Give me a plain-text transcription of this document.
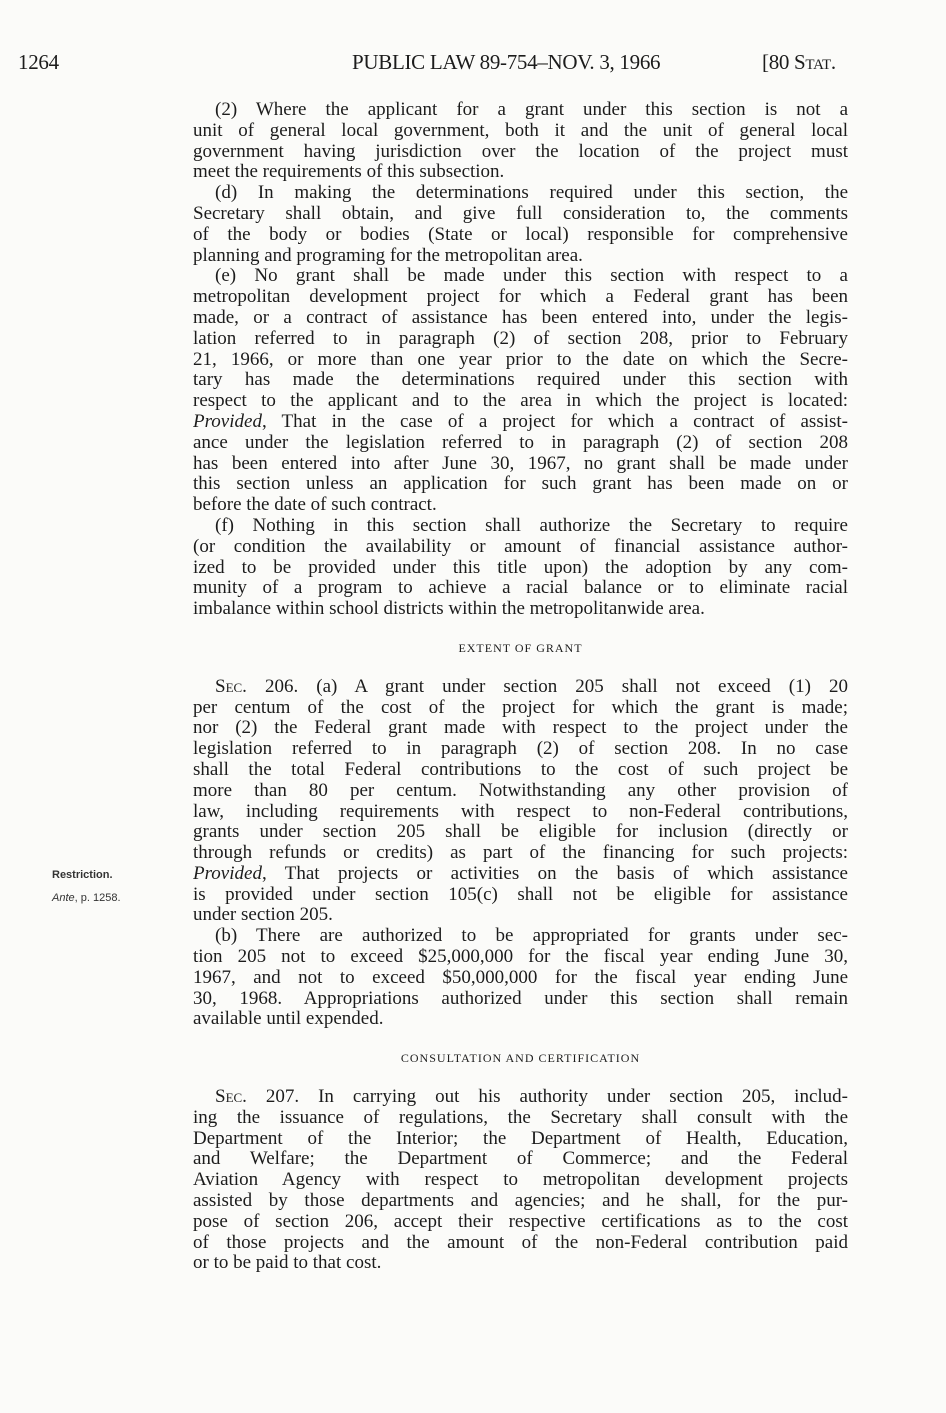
1264	PUBLIC LAW 89-754–NOV. 3, 1966	[80 Stat.
Restriction.
Ante, p. 1258.
(2) Where the applicant for a grant under this section is not a
unit of general local government, both it and the unit of general local
government having jurisdiction over the location of the project must
meet the requirements of this subsection.
(d) In making the determinations required under this section, the
Secretary shall obtain, and give full consideration to, the comments
of the body or bodies (State or local) responsible for comprehensive
planning and programing for the metropolitan area.
(e) No grant shall be made under this section with respect to a
metropolitan development project for which a Federal grant has been
made, or a contract of assistance has been entered into, under the legis-
lation referred to in paragraph (2) of section 208, prior to February
21, 1966, or more than one year prior to the date on which the Secre-
tary has made the determinations required under this section with
respect to the applicant and to the area in which the project is located:
Provided, That in the case of a project for which a contract of assist-
ance under the legislation referred to in paragraph (2) of section 208
has been entered into after June 30, 1967, no grant shall be made under
this section unless an application for such grant has been made on or
before the date of such contract.
(f) Nothing in this section shall authorize the Secretary to require
(or condition the availability or amount of financial assistance author-
ized to be provided under this title upon) the adoption by any com-
munity of a program to achieve a racial balance or to eliminate racial
imbalance within school districts within the metropolitanwide area.
EXTENT OF GRANT
Sec. 206. (a) A grant under section 205 shall not exceed (1) 20
per centum of the cost of the project for which the grant is made;
nor (2) the Federal grant made with respect to the project under the
legislation referred to in paragraph (2) of section 208. In no case
shall the total Federal contributions to the cost of such project be
more than 80 per centum. Notwithstanding any other provision of
law, including requirements with respect to non-Federal contributions,
grants under section 205 shall be eligible for inclusion (directly or
through refunds or credits) as part of the financing for such projects:
Provided, That projects or activities on the basis of which assistance
is provided under section 105(c) shall not be eligible for assistance
under section 205.
(b) There are authorized to be appropriated for grants under sec-
tion 205 not to exceed $25,000,000 for the fiscal year ending June 30,
1967, and not to exceed $50,000,000 for the fiscal year ending June
30, 1968. Appropriations authorized under this section shall remain
available until expended.
CONSULTATION AND CERTIFICATION
Sec. 207. In carrying out his authority under section 205, includ-
ing the issuance of regulations, the Secretary shall consult with the
Department of the Interior; the Department of Health, Education,
and Welfare; the Department of Commerce; and the Federal
Aviation Agency with respect to metropolitan development projects
assisted by those departments and agencies; and he shall, for the pur-
pose of section 206, accept their respective certifications as to the cost
of those projects and the amount of the non-Federal contribution paid
or to be paid to that cost.
